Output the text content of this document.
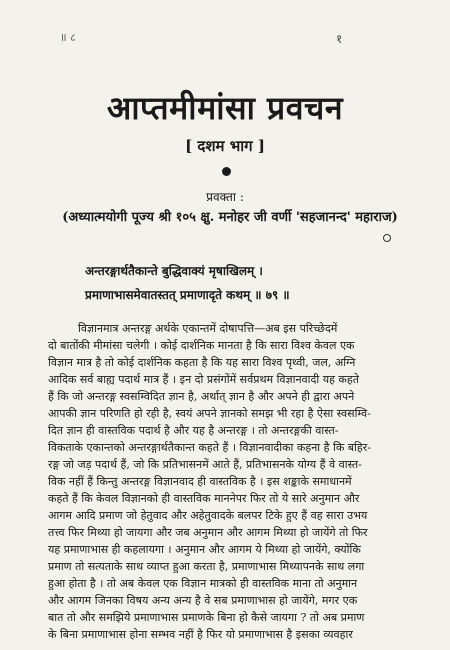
॥ ८	१
आप्तमीमांसा प्रवचन
[ दशम भाग ]
प्रवक्ता :
(अध्यात्मयोगी पूज्य श्री १०५ क्षु. मनोहर जी वर्णी 'सहजानन्द' महाराज)
अन्तरङ्गार्थतैकान्ते बुद्धिवाक्यं मृषाखिलम् ।
प्रमाणाभासमेवातस्तत् प्रमाणादृते कथम् ॥ ७९ ॥
विज्ञानमात्र अन्तरङ्ग अर्थके एकान्तमें दोषापत्ति—अब इस परिच्छेदमें
दो बातोंकी मीमांसा चलेगी । कोई दार्शनिक मानता है कि सारा विश्व केवल एक
विज्ञान मात्र है तो कोई दार्शनिक कहता है कि यह सारा विश्व पृथ्वी, जल, अग्नि
आदिक सर्व बाह्य पदार्थ मात्र हैं । इन दो प्रसंगोंमें सर्वप्रथम विज्ञानवादी यह कहते
हैं कि जो अन्तरङ्ग स्वसम्विदित ज्ञान है, अर्थात् ज्ञान है और अपने ही द्वारा अपने
आपकी ज्ञान परिणति हो रही है, स्वयं अपने ज्ञानको समझ भी रहा है ऐसा स्वसम्वि-
दित ज्ञान ही वास्तविक पदार्थ है और यह है अन्तरङ्ग । तो अन्तरङ्गकी वास्त-
विकताके एकान्तको अन्तरङ्गार्थतैकान्त कहते हैं । विज्ञानवादीका कहना है कि बहिर-
रङ्ग जो जड़ पदार्थ हैं, जो कि प्रतिभासनमें आते हैं, प्रतिभासनके योग्य हैं वे वास्त-
विक नहीं हैं किन्तु अन्तरङ्ग विज्ञानवाद ही वास्तविक है । इस शङ्काके समाधानमें
कहते हैं कि केवल विज्ञानको ही वास्तविक माननेपर फिर तो ये सारे अनुमान और
आगम आदि प्रमाण जो हेतुवाद और अहेतुवादके बलपर टिके हुए हैं वह सारा उभय
तत्त्व फिर मिथ्या हो जायगा और जब अनुमान और आगम मिथ्या हो जायेंगे तो फिर
यह प्रमाणाभास ही कहलायगा । अनुमान और आगम ये मिथ्या हो जायेंगे, क्योंकि
प्रमाण तो सत्यताके साथ व्याप्त हुआ करता है, प्रमाणाभास मिथ्यापनके साथ लगा
हुआ होता है । तो अब केवल एक विज्ञान मात्रको ही वास्तविक माना तो अनुमान
और आगम जिनका विषय अन्य अन्य है वे सब प्रमाणाभास हो जायेंगे, मगर एक
बात तो और समझिये प्रमाणाभास प्रमाणके बिना हो कैसे जायगा ? तो अब प्रमाण
के बिना प्रमाणाभास होना सम्भव नहीं है फिर यो प्रमाणाभास है इसका व्यवहार
